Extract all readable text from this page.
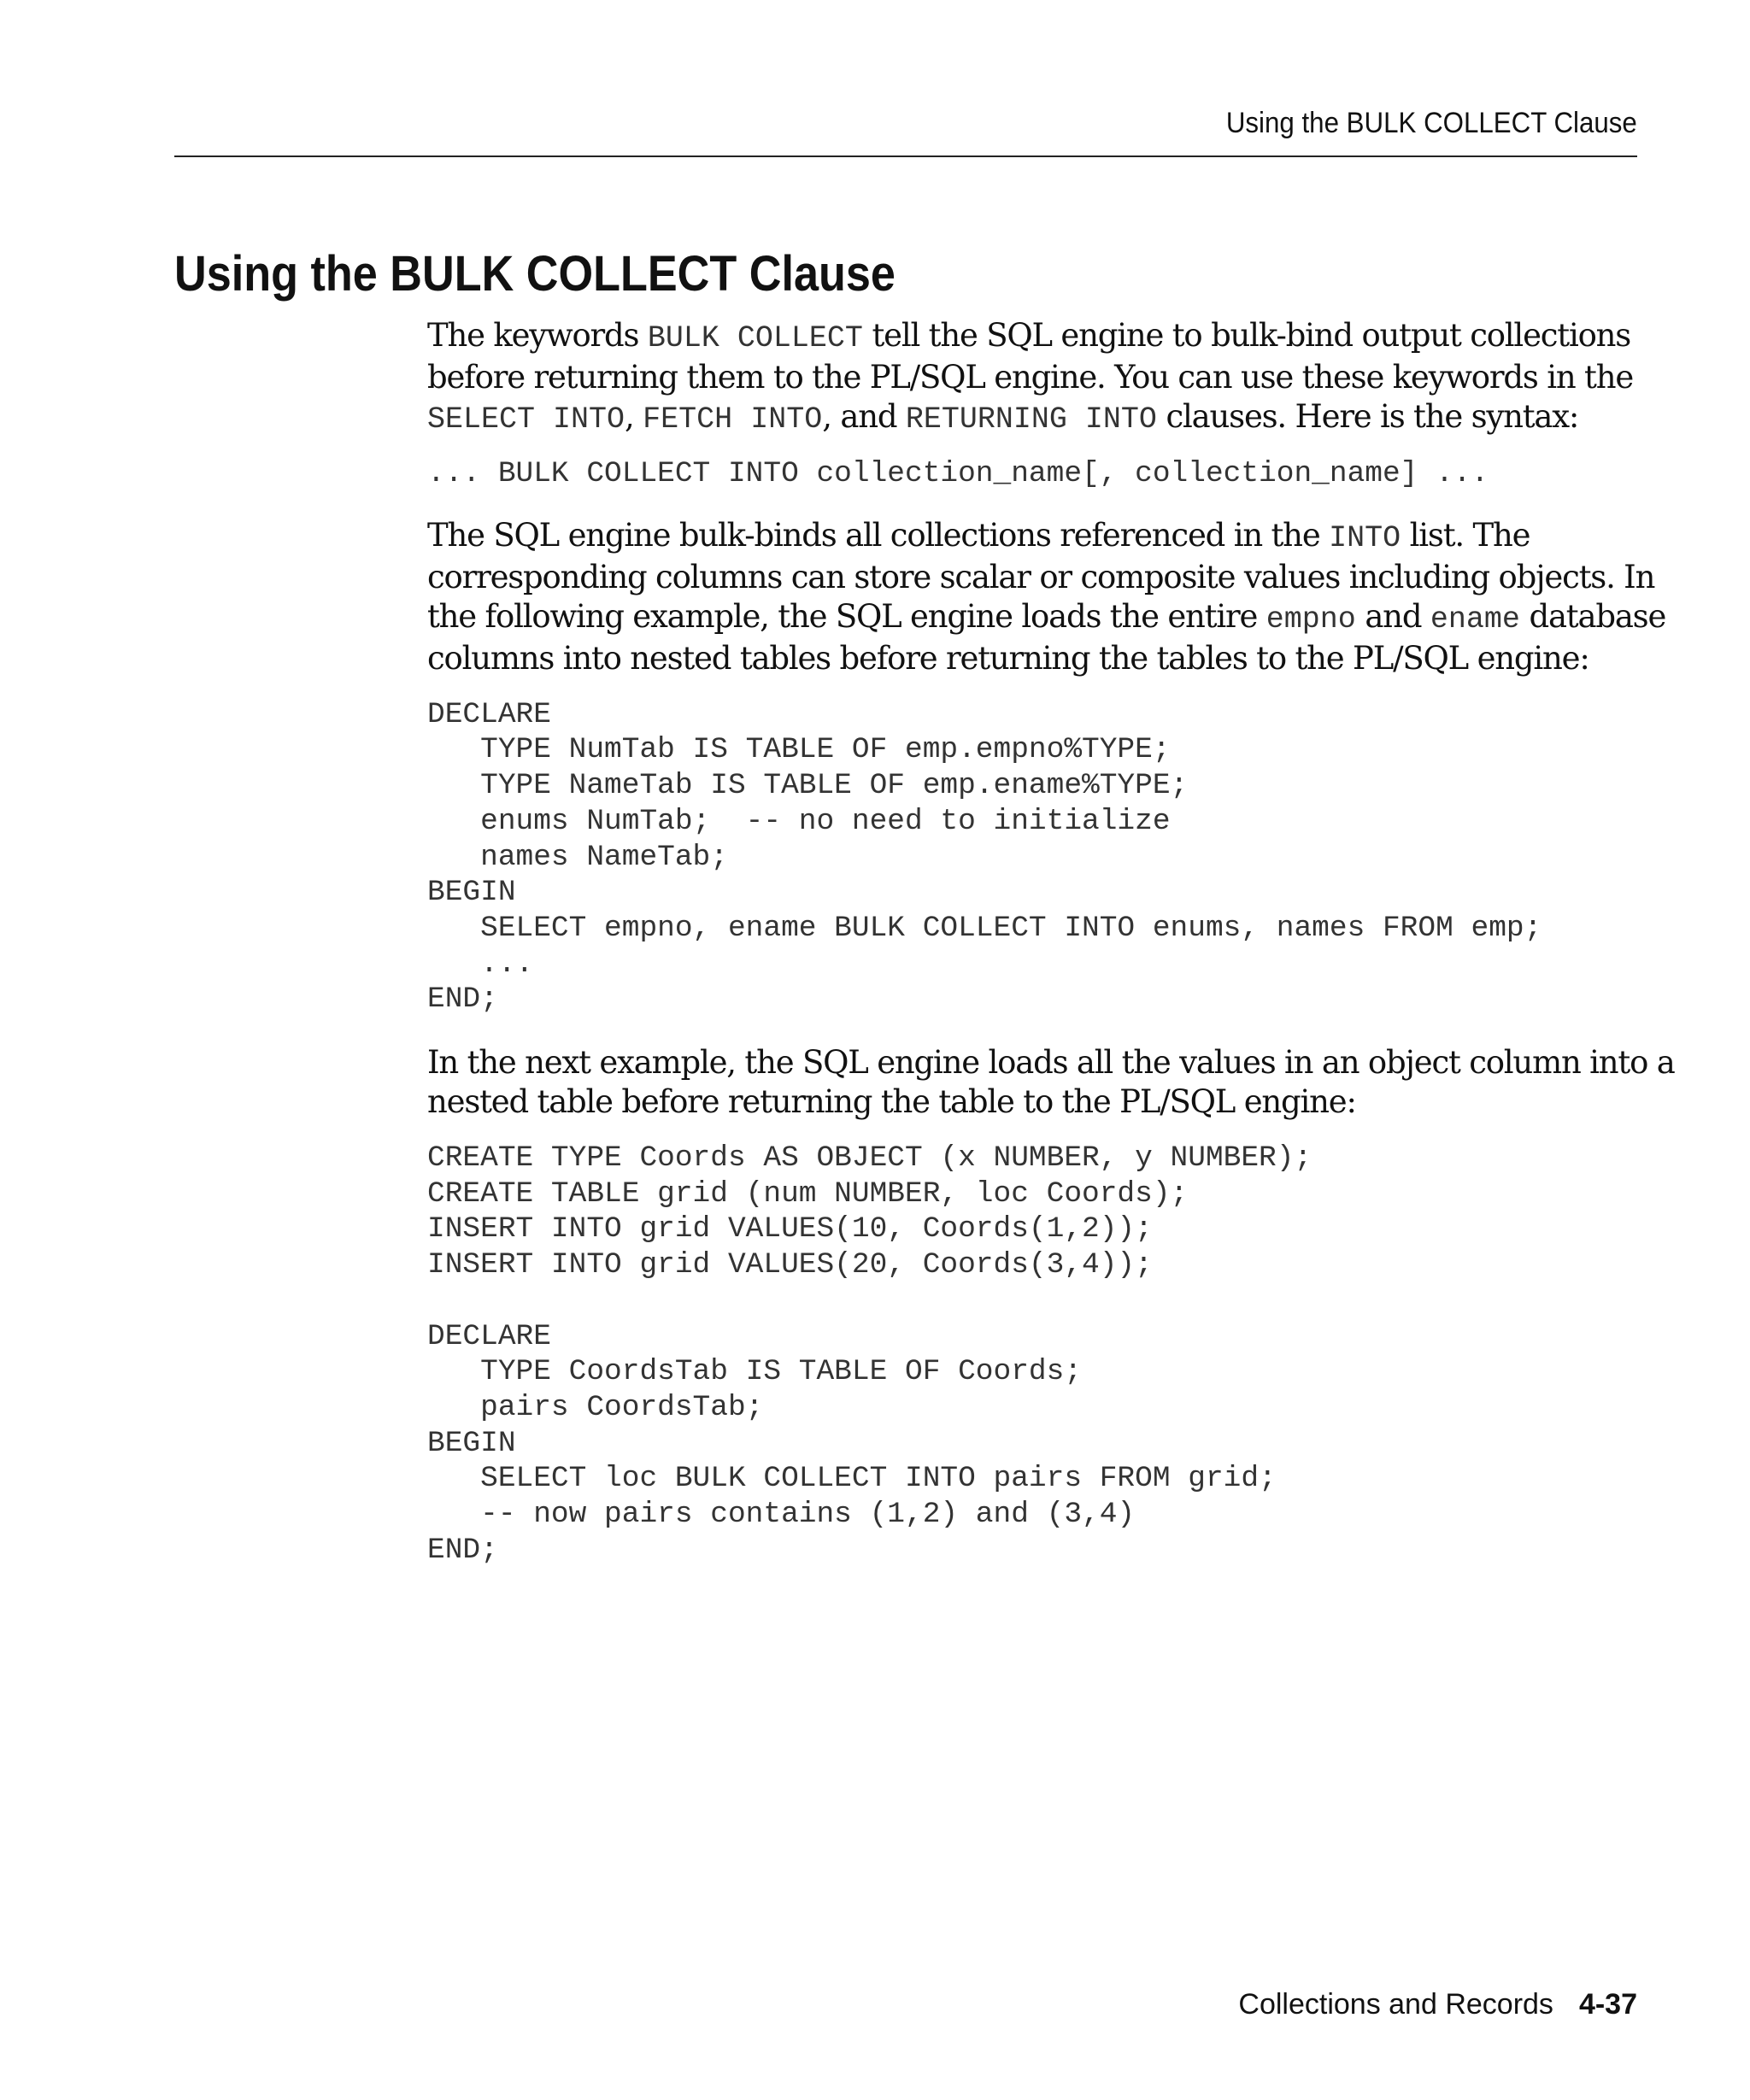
Using the BULK COLLECT Clause
Using the BULK COLLECT Clause

The keywords BULK COLLECT tell the SQL engine to bulk-bind output collections
before returning them to the PL/SQL engine. You can use these keywords in the
SELECT INTO, FETCH INTO, and RETURNING INTO clauses. Here is the syntax:

... BULK COLLECT INTO collection_name[, collection_name] ...

The SQL engine bulk-binds all collections referenced in the INTO list. The
corresponding columns can store scalar or composite values including objects. In
the following example, the SQL engine loads the entire empno and ename database
columns into nested tables before returning the tables to the PL/SQL engine:

DECLARE
TYPE NumTab IS TABLE OF emp.empno%TYPE;
TYPE NameTab IS TABLE OF emp.ename%TYPE;
enums NumTab;  -- no need to initialize
names NameTab;
BEGIN
SELECT empno, ename BULK COLLECT INTO enums, names FROM emp;
...
END;

In the next example, the SQL engine loads all the values in an object column into a
nested table before returning the table to the PL/SQL engine:

CREATE TYPE Coords AS OBJECT (x NUMBER, y NUMBER);
CREATE TABLE grid (num NUMBER, loc Coords);
INSERT INTO grid VALUES(10, Coords(1,2));
INSERT INTO grid VALUES(20, Coords(3,4));
DECLARE
TYPE CoordsTab IS TABLE OF Coords;
pairs CoordsTab;
BEGIN
SELECT loc BULK COLLECT INTO pairs FROM grid;
-- now pairs contains (1,2) and (3,4)
END;
Collections and Records 4-37
